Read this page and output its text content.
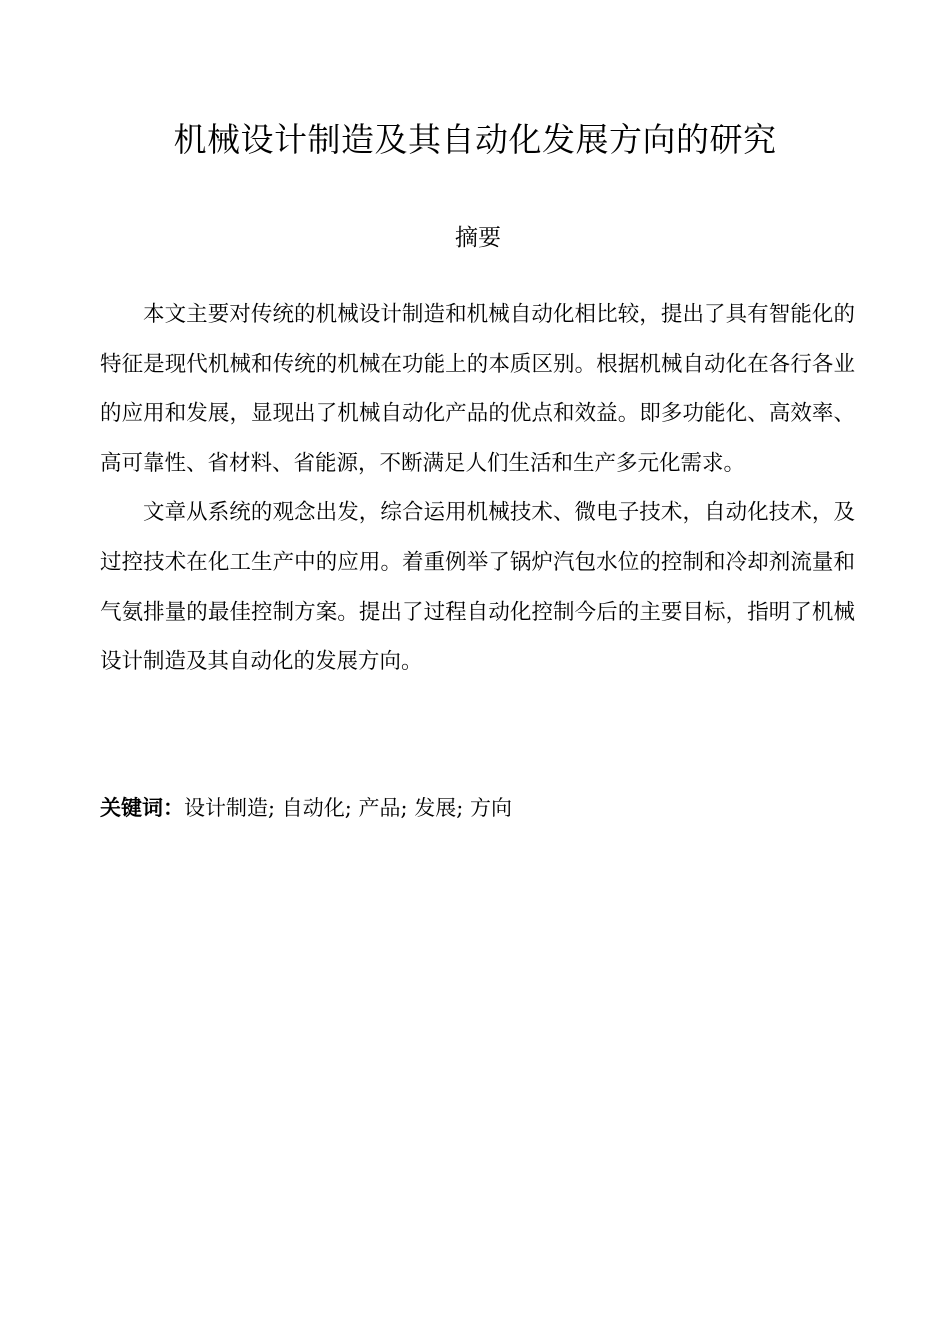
机械设计制造及其自动化发展方向的研究
摘要

本文主要对传统的机械设计制造和机械自动化相比较，提出了具有智能化的特征是现代机械和传统的机械在功能上的本质区别。根据机械自动化在各行各业的应用和发展，显现出了机械自动化产品的优点和效益。即多功能化、高效率、高可靠性、省材料、省能源，不断满足人们生活和生产多元化需求。

文章从系统的观念出发，综合运用机械技术、微电子技术，自动化技术，及过控技术在化工生产中的应用。着重例举了锅炉汽包水位的控制和冷却剂流量和气氨排量的最佳控制方案。提出了过程自动化控制今后的主要目标，指明了机械设计制造及其自动化的发展方向。

关键词：设计制造; 自动化; 产品; 发展; 方向
